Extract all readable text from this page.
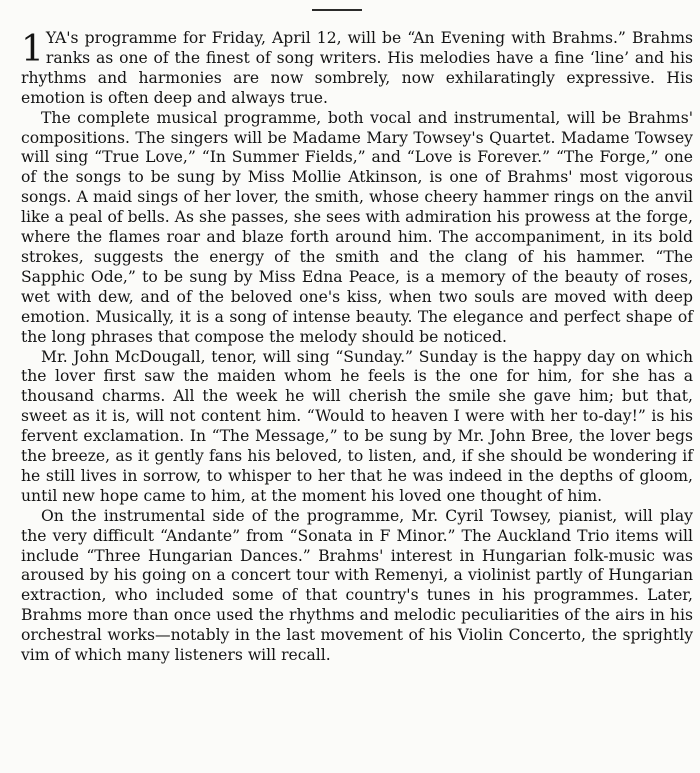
1 YA's programme for Friday, April 12, will be “An Evening with Brahms.” Brahms ranks as one of the finest of song writers. His melodies have a fine ‘line’ and his rhythms and harmonies are now sombrely, now exhilaratingly expressive. His emotion is often deep and always true.

The complete musical programme, both vocal and instrumental, will be Brahms' compositions. The singers will be Madame Mary Towsey's Quartet. Madame Towsey will sing “True Love,” “In Summer Fields,” and “Love is Forever.” “The Forge,” one of the songs to be sung by Miss Mollie Atkinson, is one of Brahms' most vigorous songs. A maid sings of her lover, the smith, whose cheery hammer rings on the anvil like a peal of bells. As she passes, she sees with admiration his prowess at the forge, where the flames roar and blaze forth around him. The accompaniment, in its bold strokes, suggests the energy of the smith and the clang of his hammer. “The Sapphic Ode,” to be sung by Miss Edna Peace, is a memory of the beauty of roses, wet with dew, and of the beloved one's kiss, when two souls are moved with deep emotion. Musically, it is a song of intense beauty. The elegance and perfect shape of the long phrases that compose the melody should be noticed.

Mr. John McDougall, tenor, will sing “Sunday.” Sunday is the happy day on which the lover first saw the maiden whom he feels is the one for him, for she has a thousand charms. All the week he will cherish the smile she gave him; but that, sweet as it is, will not content him. “Would to heaven I were with her to-day!” is his fervent exclamation. In “The Message,” to be sung by Mr. John Bree, the lover begs the breeze, as it gently fans his beloved, to listen, and, if she should be wondering if he still lives in sorrow, to whisper to her that he was indeed in the depths of gloom, until new hope came to him, at the moment his loved one thought of him.

On the instrumental side of the programme, Mr. Cyril Towsey, pianist, will play the very difficult “Andante” from “Sonata in F Minor.” The Auckland Trio items will include “Three Hungarian Dances.” Brahms' interest in Hungarian folk-music was aroused by his going on a concert tour with Remenyi, a violinist partly of Hungarian extraction, who included some of that country's tunes in his programmes. Later, Brahms more than once used the rhythms and melodic peculiarities of the airs in his orchestral works—notably in the last movement of his Violin Concerto, the sprightly vim of which many listeners will recall.
